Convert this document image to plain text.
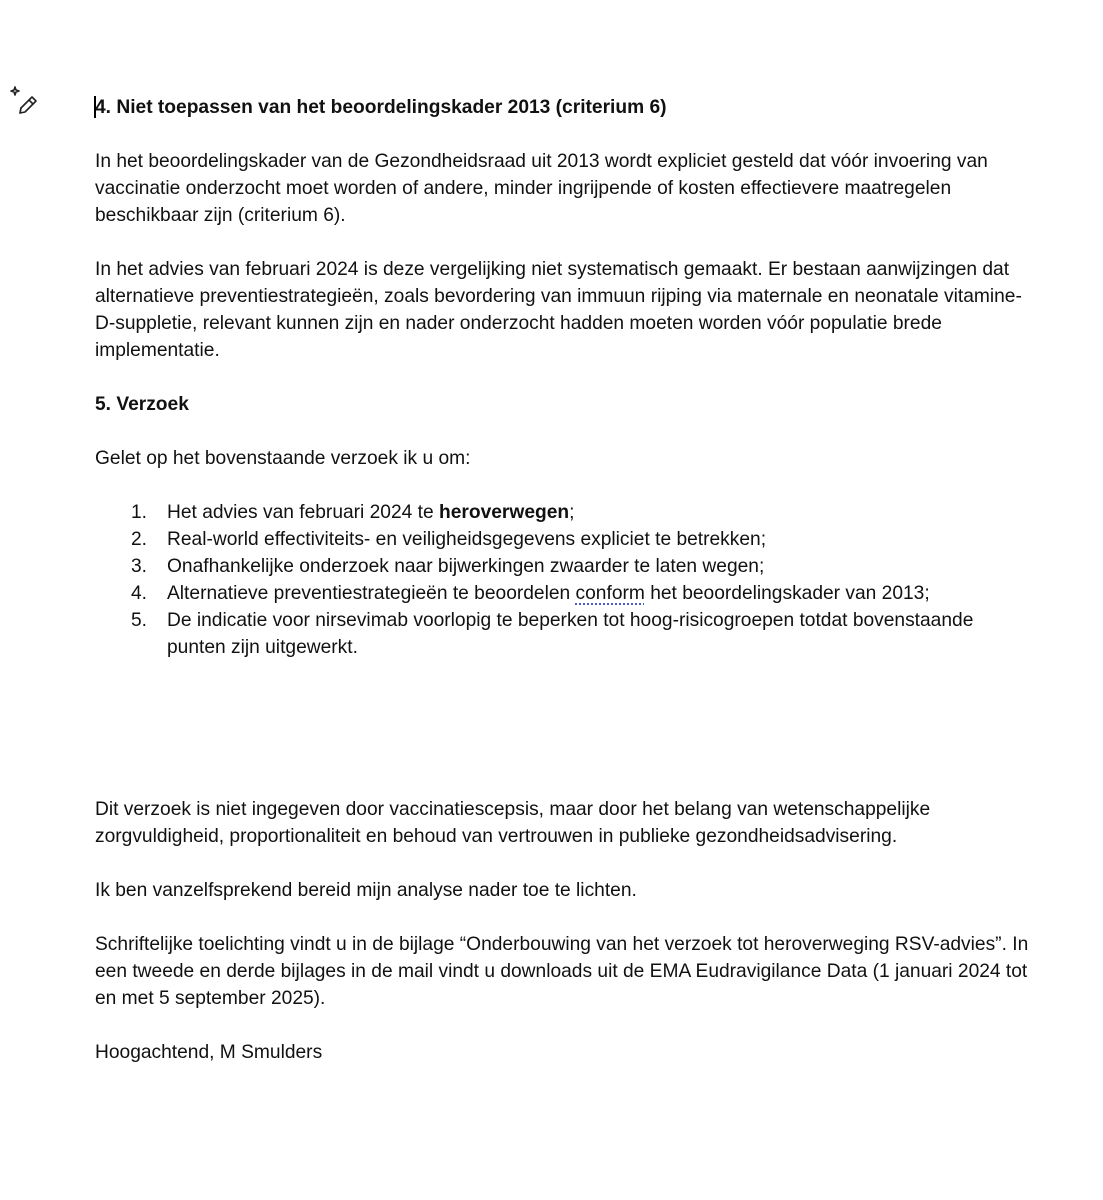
4. Niet toepassen van het beoordelingskader 2013 (criterium 6)

In het beoordelingskader van de Gezondheidsraad uit 2013 wordt expliciet gesteld dat vóór invoering van vaccinatie onderzocht moet worden of andere, minder ingrijpende of kosten effectievere maatregelen beschikbaar zijn (criterium 6).

In het advies van februari 2024 is deze vergelijking niet systematisch gemaakt. Er bestaan aanwijzingen dat alternatieve preventiestrategieën, zoals bevordering van immuun rijping via maternale en neonatale vitamine-D-suppletie, relevant kunnen zijn en nader onderzocht hadden moeten worden vóór populatie brede implementatie.

5. Verzoek

Gelet op het bovenstaande verzoek ik u om:

1. Het advies van februari 2024 te heroverwegen;
2. Real-world effectiviteits- en veiligheidsgegevens expliciet te betrekken;
3. Onafhankelijke onderzoek naar bijwerkingen zwaarder te laten wegen;
4. Alternatieve preventiestrategieën te beoordelen conform het beoordelingskader van 2013;
5. De indicatie voor nirsevimab voorlopig te beperken tot hoog-risicogroepen totdat bovenstaande punten zijn uitgewerkt.

Dit verzoek is niet ingegeven door vaccinatiescepsis, maar door het belang van wetenschappelijke zorgvuldigheid, proportionaliteit en behoud van vertrouwen in publieke gezondheidsadvisering.

Ik ben vanzelfsprekend bereid mijn analyse nader toe te lichten.

Schriftelijke toelichting vindt u in de bijlage “Onderbouwing van het verzoek tot heroverweging RSV-advies”. In een tweede en derde bijlages in de mail vindt u downloads uit de EMA Eudravigilance Data (1 januari 2024 tot en met 5 september 2025).

Hoogachtend, M Smulders
